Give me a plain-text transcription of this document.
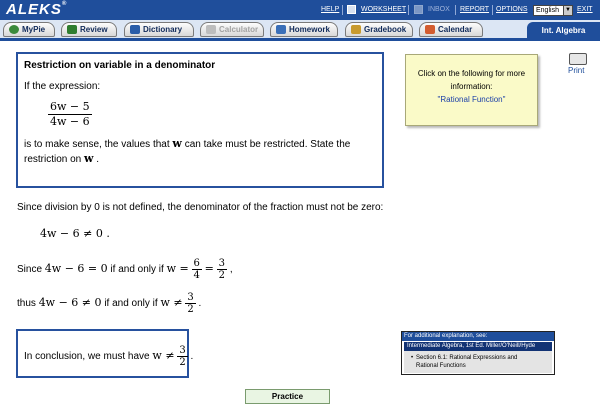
ALEKS®
HELP	WORKSHEET	INBOX REPORT OPTIONS	English	▼ EXIT
MyPie	Review	Dictionary	Calculator	Homework	Gradebook	Calendar	Int. Algebra
Restriction on variable in a denominator
If the expression:
$\frac{6w - 5}{4w - 6}$
is to make sense, the values that w can take must be restricted. State the
restriction on w .
Click on the following for more
information:
"Rational Function"
Print
Since division by 0 is not defined, the denominator of the fraction must not be zero:
4w − 6 ≠ 0 .
Since 4w − 6 = 0 if and only if $w = \frac{6}{4} = \frac{3}{2}$ ,
thus 4w − 6 ≠ 0 if and only if $w \ne \frac{3}{2}$ .
In conclusion, we must have $w \ne \frac{3}{2}$ .
For additional explanation, see:
Intermediate Algebra, 1st Ed. Miller/O'Neill/Hyde
• Section 6.1: Rational Expressions and
Rational Functions
Practice
